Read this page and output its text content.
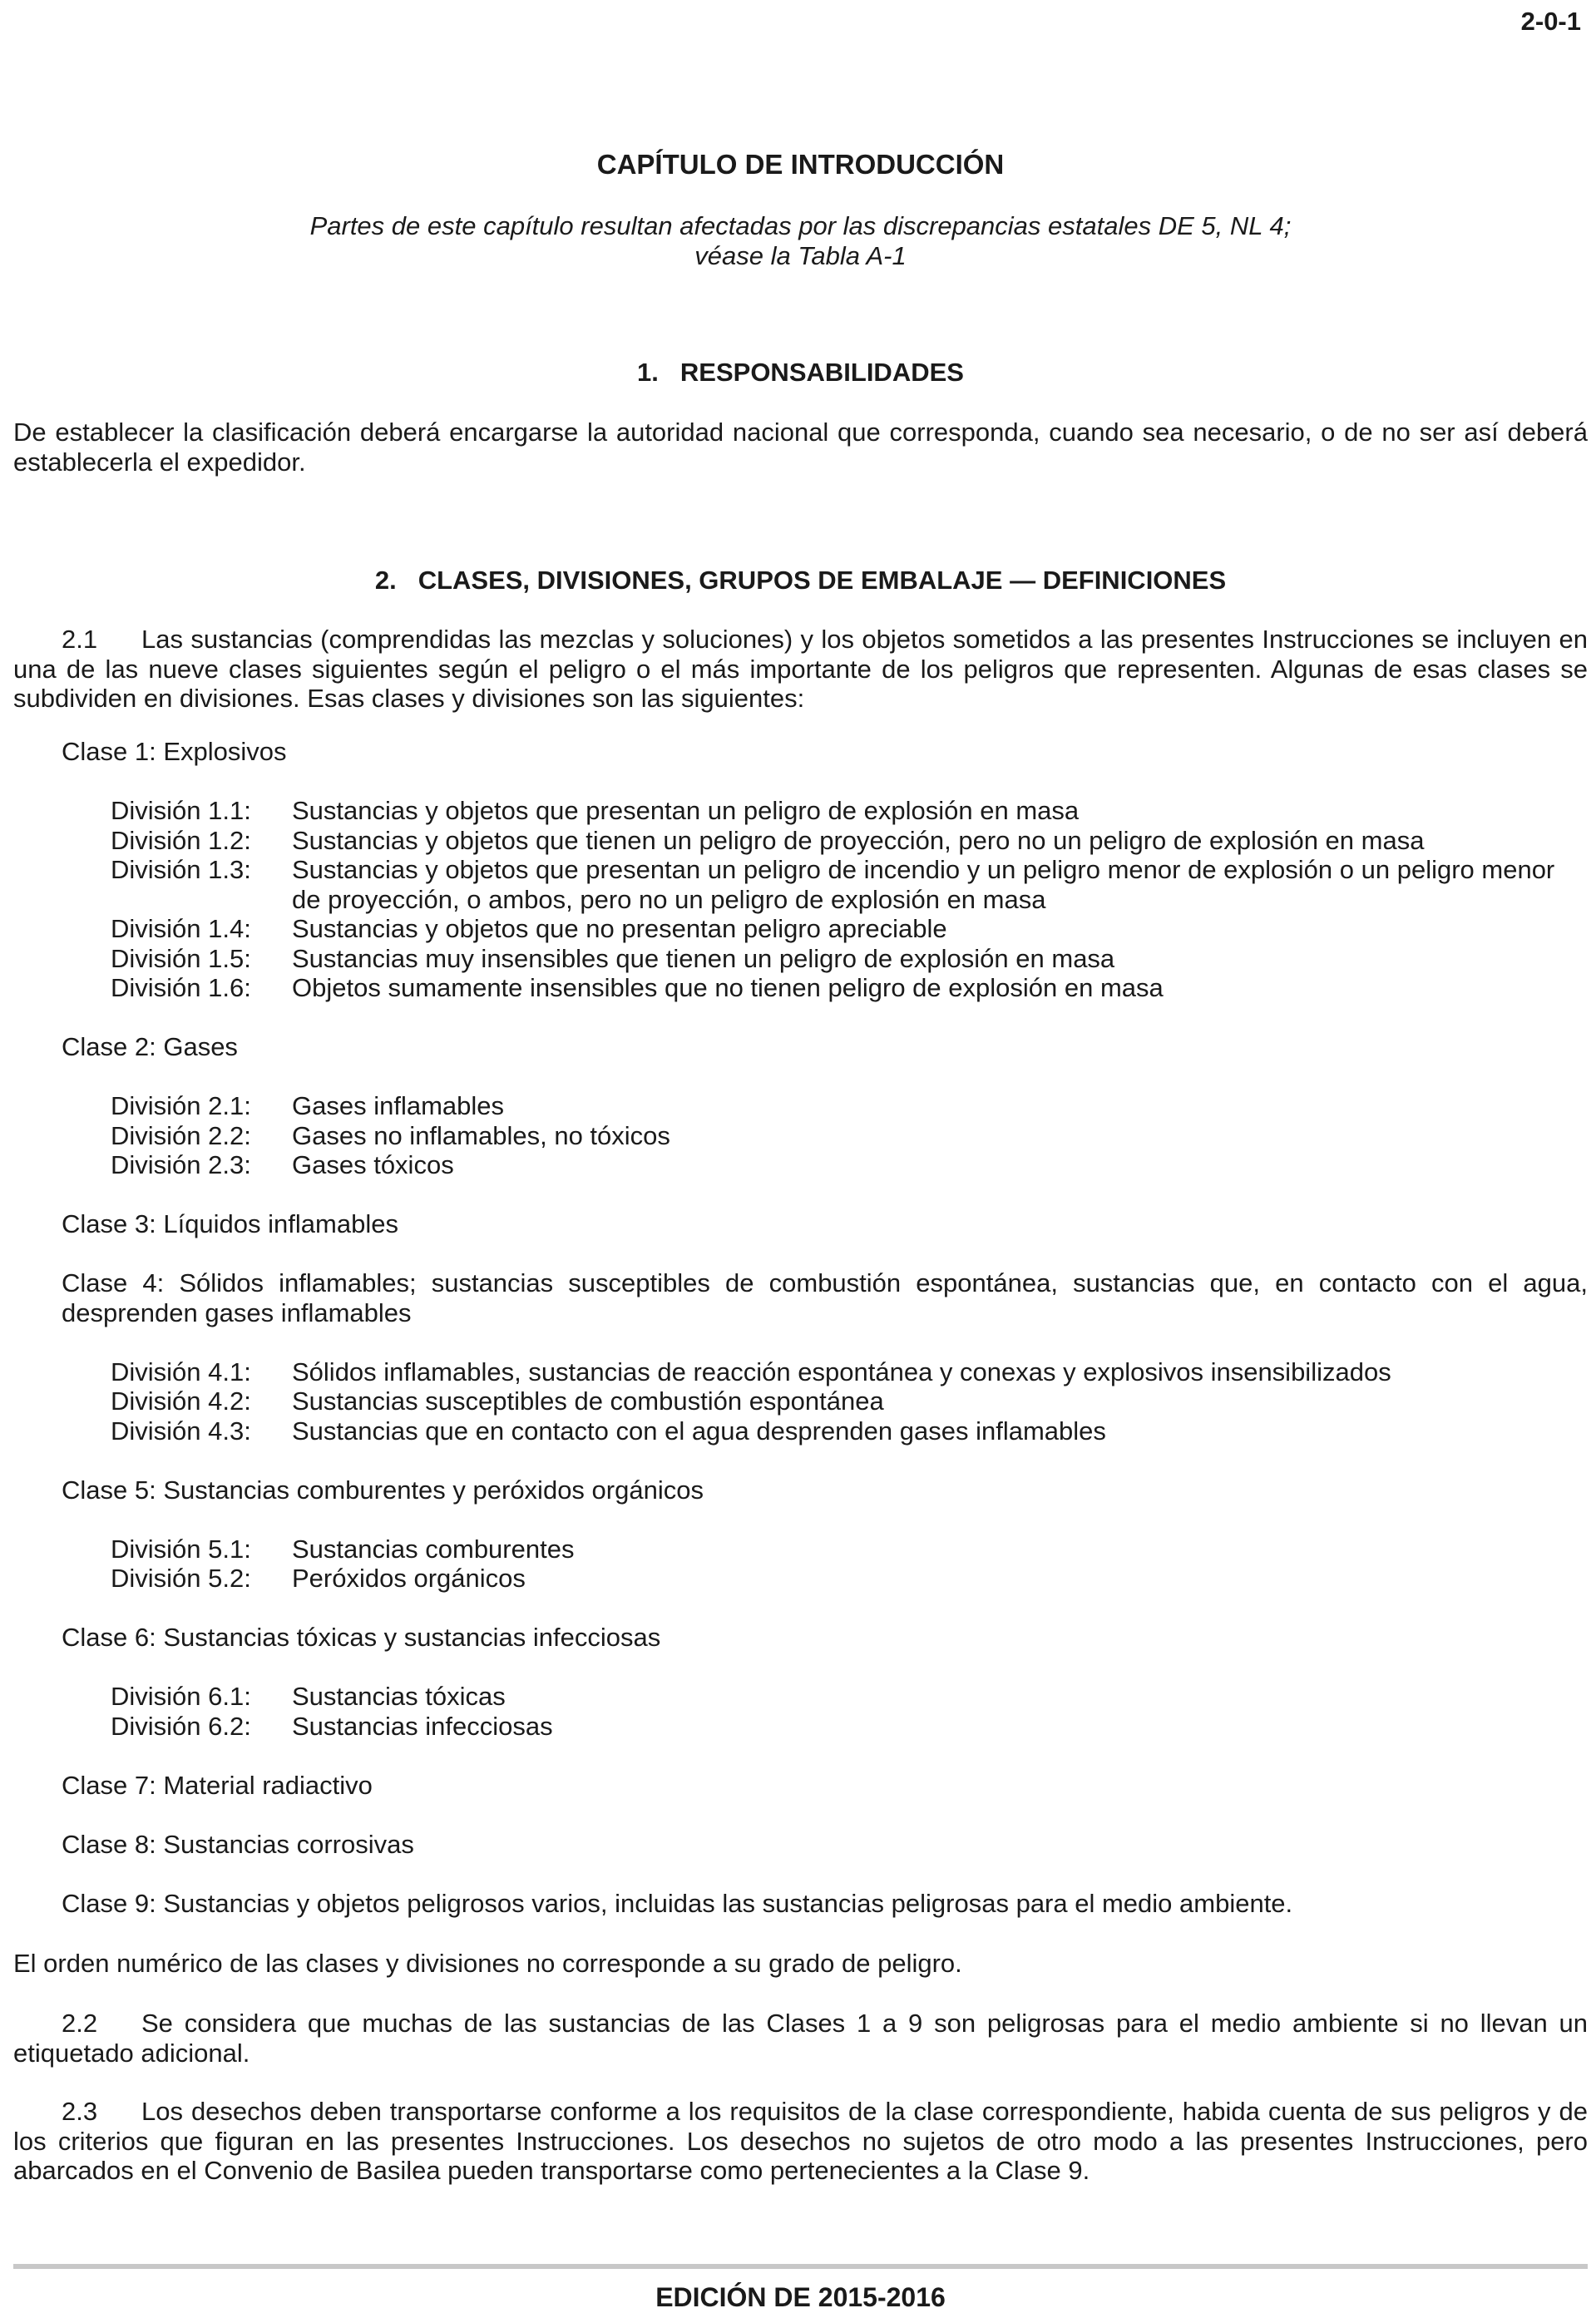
2-0-1
CAPÍTULO DE INTRODUCCIÓN
Partes de este capítulo resultan afectadas por las discrepancias estatales DE 5, NL 4;
véase la Tabla A-1
1. RESPONSABILIDADES
De establecer la clasificación deberá encargarse la autoridad nacional que corresponda, cuando sea necesario, o de no ser así deberá establecerla el expedidor.
2. CLASES, DIVISIONES, GRUPOS DE EMBALAJE — DEFINICIONES
2.1 Las sustancias (comprendidas las mezclas y soluciones) y los objetos sometidos a las presentes Instrucciones se incluyen en una de las nueve clases siguientes según el peligro o el más importante de los peligros que representen. Algunas de esas clases se subdividen en divisiones. Esas clases y divisiones son las siguientes:
Clase 1: Explosivos
División 1.1:	Sustancias y objetos que presentan un peligro de explosión en masa
División 1.2:	Sustancias y objetos que tienen un peligro de proyección, pero no un peligro de explosión en masa
División 1.3:	Sustancias y objetos que presentan un peligro de incendio y un peligro menor de explosión o un peligro menor de proyección, o ambos, pero no un peligro de explosión en masa
División 1.4:	Sustancias y objetos que no presentan peligro apreciable
División 1.5:	Sustancias muy insensibles que tienen un peligro de explosión en masa
División 1.6:	Objetos sumamente insensibles que no tienen peligro de explosión en masa
Clase 2: Gases
División 2.1:	Gases inflamables
División 2.2:	Gases no inflamables, no tóxicos
División 2.3:	Gases tóxicos
Clase 3: Líquidos inflamables
Clase 4: Sólidos inflamables; sustancias susceptibles de combustión espontánea, sustancias que, en contacto con el agua, desprenden gases inflamables
División 4.1:	Sólidos inflamables, sustancias de reacción espontánea y conexas y explosivos insensibilizados
División 4.2:	Sustancias susceptibles de combustión espontánea
División 4.3:	Sustancias que en contacto con el agua desprenden gases inflamables
Clase 5: Sustancias comburentes y peróxidos orgánicos
División 5.1:	Sustancias comburentes
División 5.2:	Peróxidos orgánicos
Clase 6: Sustancias tóxicas y sustancias infecciosas
División 6.1:	Sustancias tóxicas
División 6.2:	Sustancias infecciosas
Clase 7: Material radiactivo
Clase 8: Sustancias corrosivas
Clase 9: Sustancias y objetos peligrosos varios, incluidas las sustancias peligrosas para el medio ambiente.
El orden numérico de las clases y divisiones no corresponde a su grado de peligro.
2.2 Se considera que muchas de las sustancias de las Clases 1 a 9 son peligrosas para el medio ambiente si no llevan un etiquetado adicional.
2.3 Los desechos deben transportarse conforme a los requisitos de la clase correspondiente, habida cuenta de sus peligros y de los criterios que figuran en las presentes Instrucciones. Los desechos no sujetos de otro modo a las presentes Instrucciones, pero abarcados en el Convenio de Basilea pueden transportarse como pertenecientes a la Clase 9.
EDICIÓN DE 2015-2016
